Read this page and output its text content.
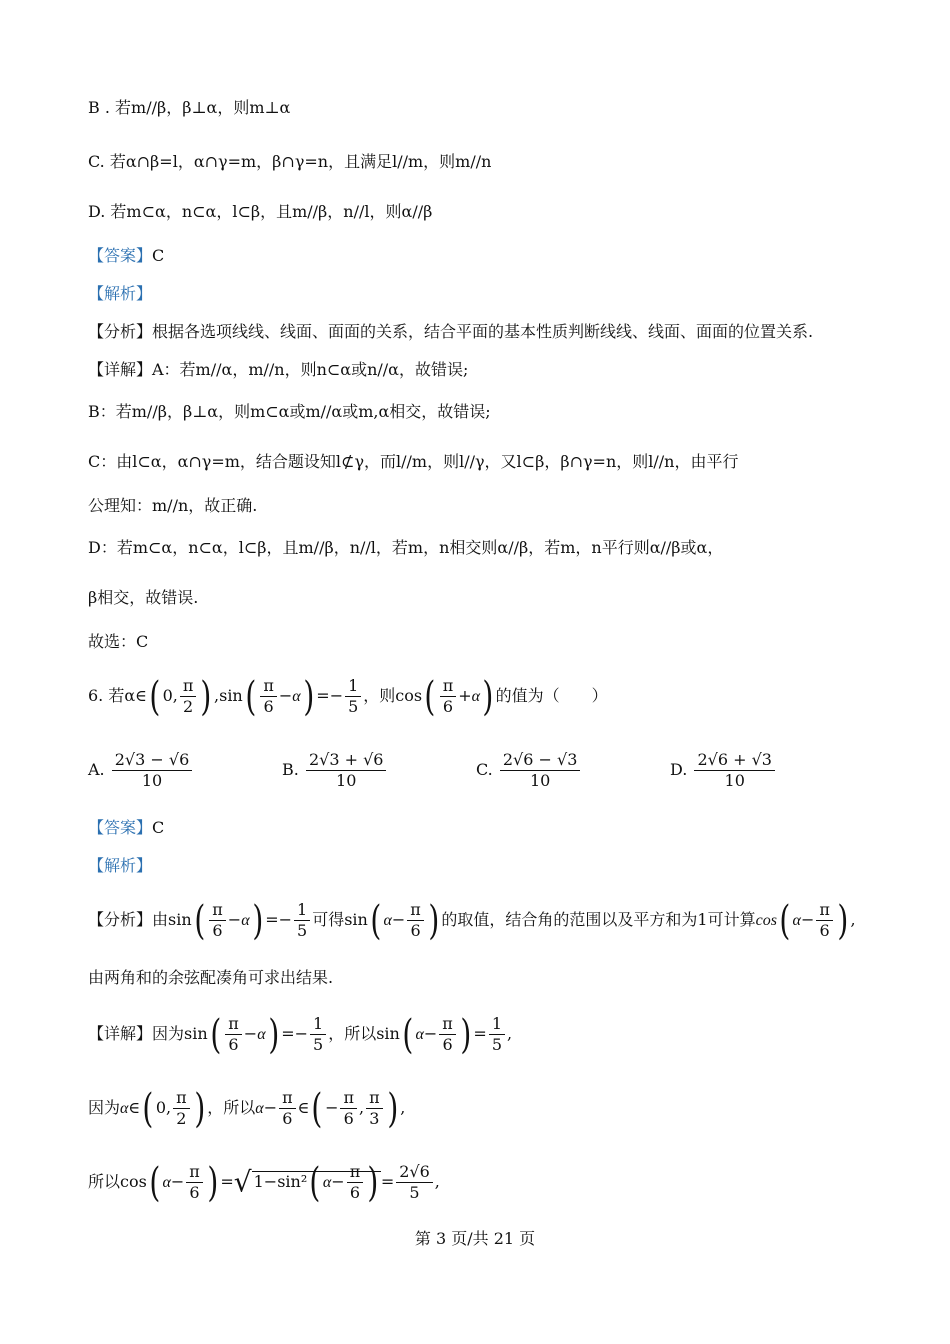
B . 若m//β，β⊥α，则m⊥α
C. 若α∩β=l，α∩γ=m，β∩γ=n，且满足l//m，则m//n
D. 若m⊂α，n⊂α，l⊂β，且m//β，n//l，则α//β
【答案】C
【解析】
【分析】根据各选项线线、线面、面面的关系，结合平面的基本性质判断线线、线面、面面的位置关系.
【详解】A：若m//α，m//n，则n⊂α或n//α，故错误;
B：若m//β，β⊥α，则m⊂α或m//α或m,α相交，故错误;
C：由l⊂α，α∩γ=m，结合题设知l⊄γ，而l//m，则l//γ，又l⊂β，β∩γ=n，则l//n，由平行
公理知：m//n，故正确.
D：若m⊂α，n⊂α，l⊂β，且m//β，n//l，若m，n相交则α//β，若m，n平行则α//β或α，
β相交，故错误.
故选：C
6. 若α∈( 0, $\frac{\pi}{2}$ ) $,\sin( \frac{\pi}{6} -\alpha) =- \frac{1}{5}$ ，则$\cos( \frac{\pi}{6} +\alpha)$ 的值为（　　）
A. $\frac{2√3 - √6}{10}$	B. $\frac{2√3 + √6}{10}$	C. $\frac{2√6 - √3}{10}$	D. $\frac{2√6 + √3}{10}$
【答案】C
【解析】
【分析】由$\sin( \frac{\pi}{6} -\alpha) =- \frac{1}{5}$ 可得sin( $\alpha- \frac{\pi}{6}$ ) 的取值，结合角的范围以及平方和为1可计算cos( $\alpha- \frac{\pi}{6}$ ) ,
由两角和的余弦配凑角可求出结果.
【详解】因为$\sin( \frac{\pi}{6} -\alpha) =- \frac{1}{5}$ ，所以sin( $\alpha- \frac{\pi}{6}$ ) = $\frac{1}{5}$ ,
因为α∈( 0, $\frac{\pi}{2}$ ) ，所以$\alpha- \frac{\pi}{6}$ ∈( − $\frac{\pi}{6}$ , $\frac{\pi}{3}$ ) ,
所以cos( $\alpha- \frac{\pi}{6}$ ) =√ 1−sin²( $\alpha- \frac{\pi}{6}$ ) = $\frac{2√6}{5}$ ,
第 3 页/共 21 页
